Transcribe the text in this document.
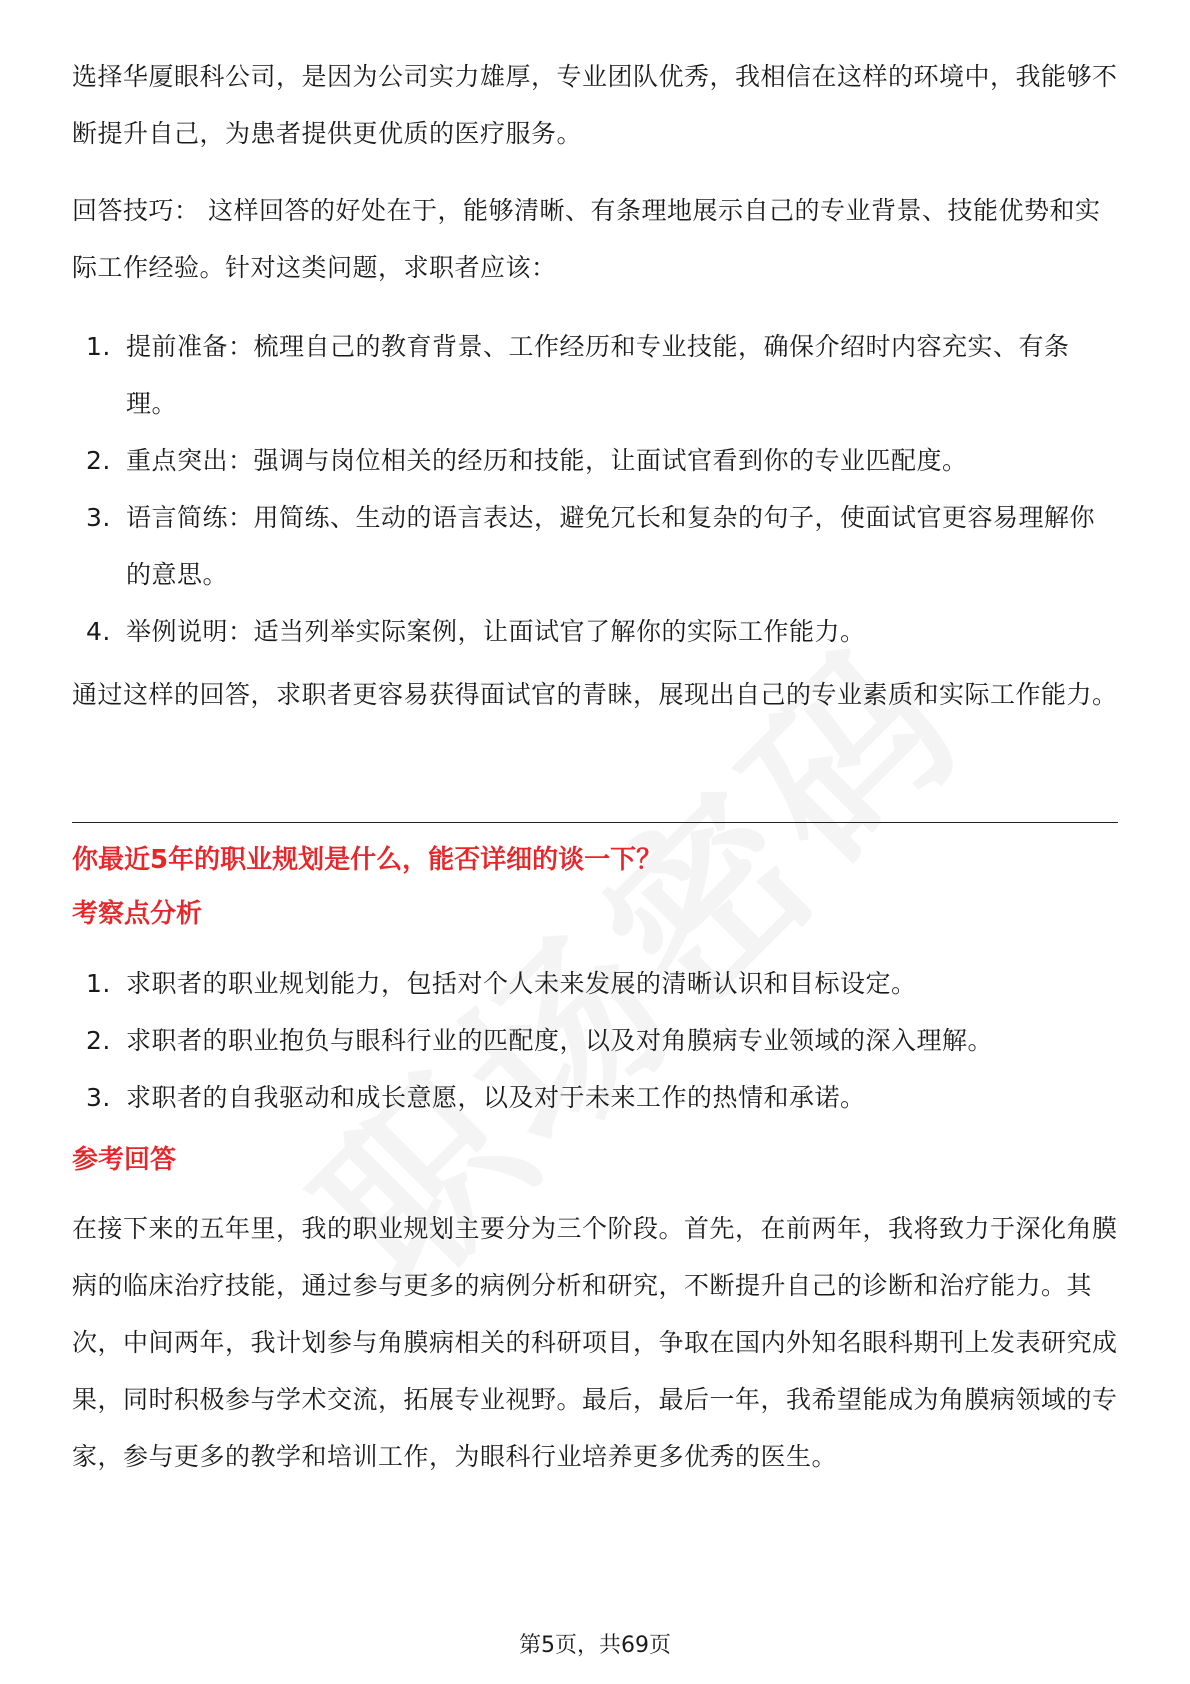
选择华厦眼科公司，是因为公司实力雄厚，专业团队优秀，我相信在这样的环境中，我能够不断提升自己，为患者提供更优质的医疗服务。

回答技巧： 这样回答的好处在于，能够清晰、有条理地展示自己的专业背景、技能优势和实际工作经验。针对这类问题，求职者应该：

1. 提前准备：梳理自己的教育背景、工作经历和专业技能，确保介绍时内容充实、有条理。
2. 重点突出：强调与岗位相关的经历和技能，让面试官看到你的专业匹配度。
3. 语言简练：用简练、生动的语言表达，避免冗长和复杂的句子，使面试官更容易理解你的意思。
4. 举例说明：适当列举实际案例，让面试官了解你的实际工作能力。

通过这样的回答，求职者更容易获得面试官的青睐，展现出自己的专业素质和实际工作能力。

你最近5年的职业规划是什么，能否详细的谈一下？
考察点分析
1. 求职者的职业规划能力，包括对个人未来发展的清晰认识和目标设定。
2. 求职者的职业抱负与眼科行业的匹配度，以及对角膜病专业领域的深入理解。
3. 求职者的自我驱动和成长意愿，以及对于未来工作的热情和承诺。
参考回答

在接下来的五年里，我的职业规划主要分为三个阶段。首先，在前两年，我将致力于深化角膜病的临床治疗技能，通过参与更多的病例分析和研究，不断提升自己的诊断和治疗能力。其次，中间两年，我计划参与角膜病相关的科研项目，争取在国内外知名眼科期刊上发表研究成果，同时积极参与学术交流，拓展专业视野。最后，最后一年，我希望能成为角膜病领域的专家，参与更多的教学和培训工作，为眼科行业培养更多优秀的医生。

第5页，共69页
